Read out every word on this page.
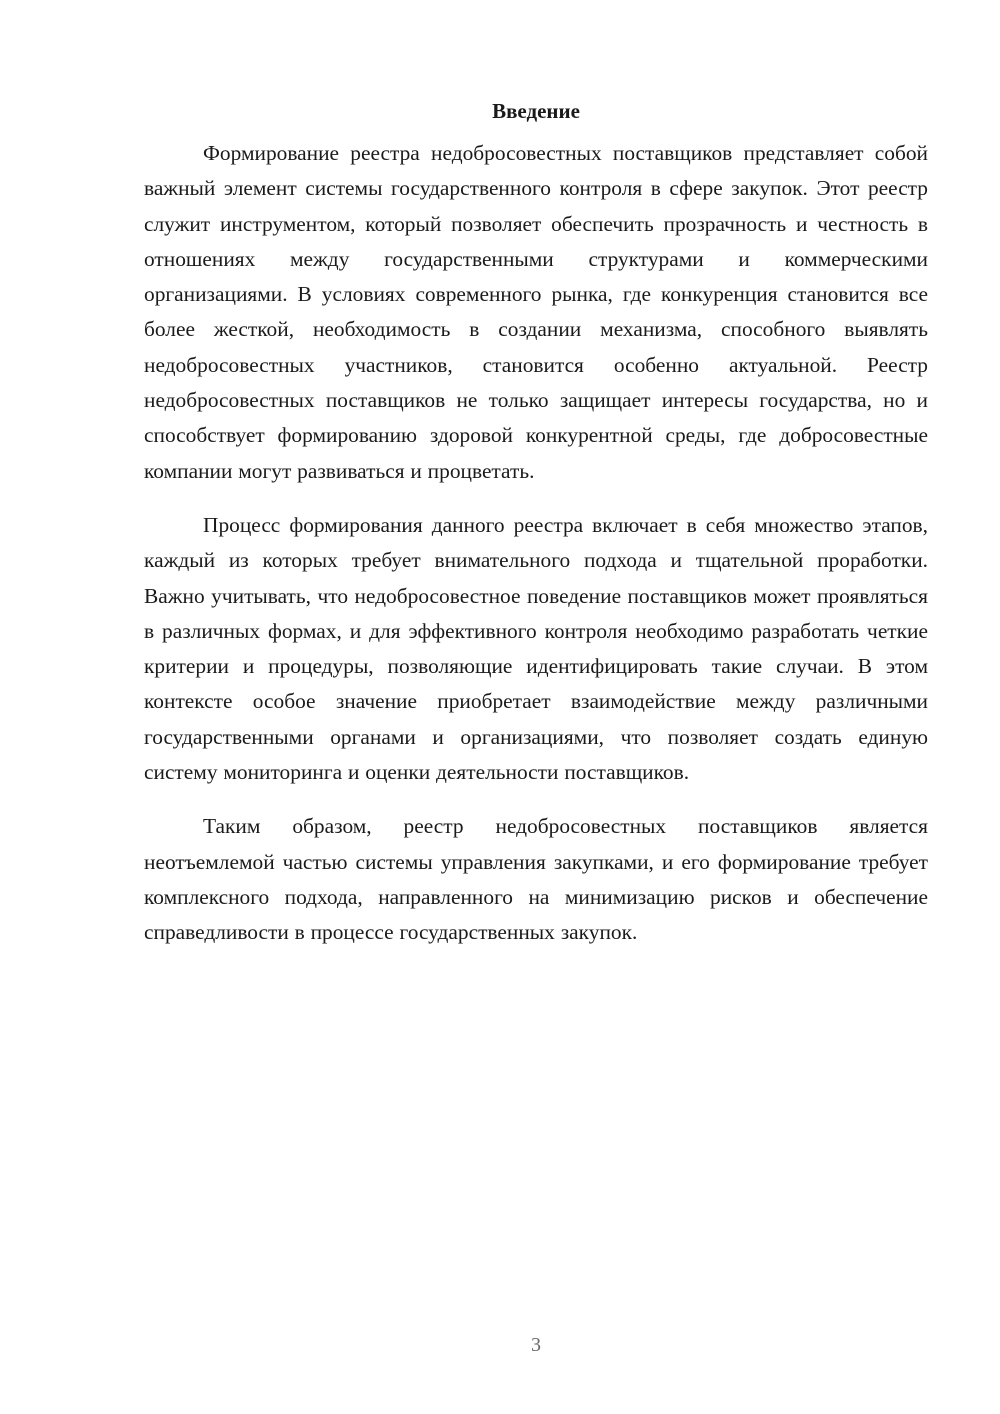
Введение

Формирование реестра недобросовестных поставщиков представляет собой важный элемент системы государственного контроля в сфере закупок. Этот реестр служит инструментом, который позволяет обеспечить прозрачность и честность в отношениях между государственными структурами и коммерческими организациями. В условиях современного рынка, где конкуренция становится все более жесткой, необходимость в создании механизма, способного выявлять недобросовестных участников, становится особенно актуальной. Реестр недобросовестных поставщиков не только защищает интересы государства, но и способствует формированию здоровой конкурентной среды, где добросовестные компании могут развиваться и процветать.

Процесс формирования данного реестра включает в себя множество этапов, каждый из которых требует внимательного подхода и тщательной проработки. Важно учитывать, что недобросовестное поведение поставщиков может проявляться в различных формах, и для эффективного контроля необходимо разработать четкие критерии и процедуры, позволяющие идентифицировать такие случаи. В этом контексте особое значение приобретает взаимодействие между различными государственными органами и организациями, что позволяет создать единую систему мониторинга и оценки деятельности поставщиков.

Таким образом, реестр недобросовестных поставщиков является неотъемлемой частью системы управления закупками, и его формирование требует комплексного подхода, направленного на минимизацию рисков и обеспечение справедливости в процессе государственных закупок.

3
